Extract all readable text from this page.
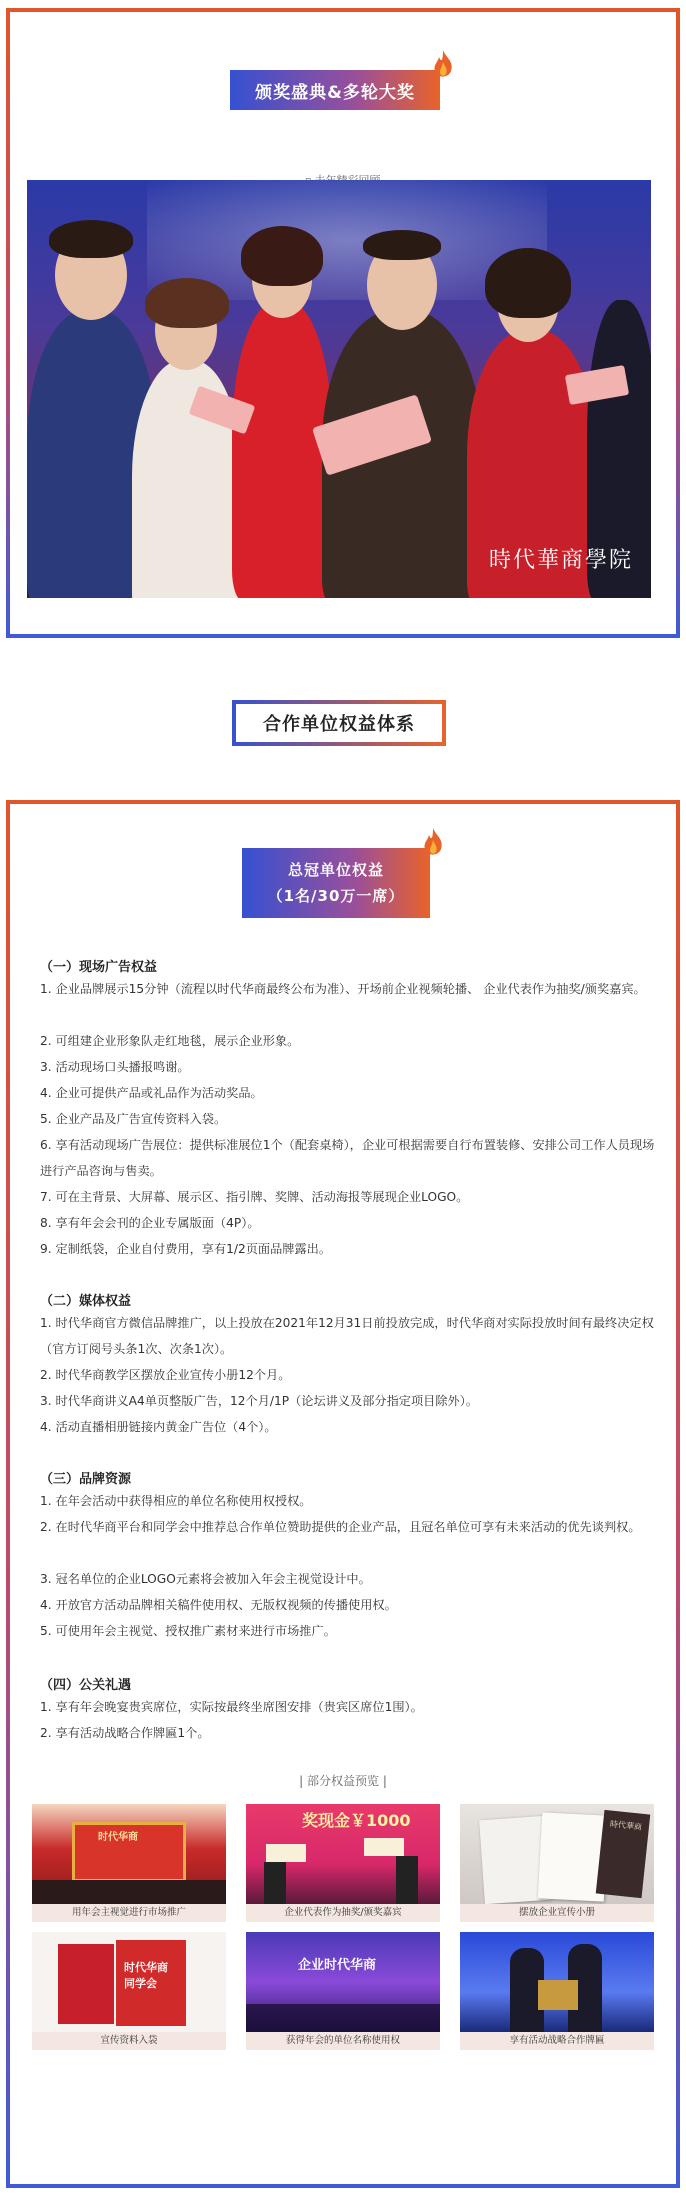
颁奖盛典&多轮大奖
時代華商學院
合作单位权益体系
（一）现场广告权益
1. 企业品牌展示15分钟（流程以时代华商最终公布为准）、开场前企业视频轮播、 企业代表作为抽奖/颁奖嘉宾。
2. 可组建企业形象队走红地毯，展示企业形象。
3. 活动现场口头播报鸣谢。
4. 企业可提供产品或礼品作为活动奖品。
5. 企业产品及广告宣传资料入袋。
6. 享有活动现场广告展位：提供标准展位1个（配套桌椅），企业可根据需要自行布置装修、安排公司工作人员现场进行产品咨询与售卖。
7. 可在主背景、大屏幕、展示区、指引牌、奖牌、活动海报等展现企业LOGO。
8. 享有年会会刊的企业专属版面（4P）。
9. 定制纸袋，企业自付费用，享有1/2页面品牌露出。
（二）媒体权益
1. 时代华商官方微信品牌推广，以上投放在2021年12月31日前投放完成，时代华商对实际投放时间有最终决定权（官方订阅号头条1次、次条1次）。
2. 时代华商教学区摆放企业宣传小册12个月。
3. 时代华商讲义A4单页整版广告，12个月/1P（论坛讲义及部分指定项目除外）。
4. 活动直播相册链接内黄金广告位（4个）。
（三）品牌资源
1. 在年会活动中获得相应的单位名称使用权授权。
2. 在时代华商平台和同学会中推荐总合作单位赞助提供的企业产品，且冠名单位可享有未来活动的优先谈判权。
3. 冠名单位的企业LOGO元素将会被加入年会主视觉设计中。
4. 开放官方活动品牌相关稿件使用权、无版权视频的传播使用权。
5. 可使用年会主视觉、授权推广素材来进行市场推广。
（四）公关礼遇
1. 享有年会晚宴贵宾席位，实际按最终坐席图安排（贵宾区席位1围）。
2. 享有活动战略合作牌匾1个。
| 部分权益预览 |
时代华商
用年会主视觉进行市场推广
奖现金￥1000
企业代表作为抽奖/颁奖嘉宾
時代華商
摆放企业宣传小册
时代华商 同学会
宣传资料入袋
企业时代华商
获得年会的单位名称使用权	享有活动战略合作牌匾
总冠单位权益
（1名/30万一席）
